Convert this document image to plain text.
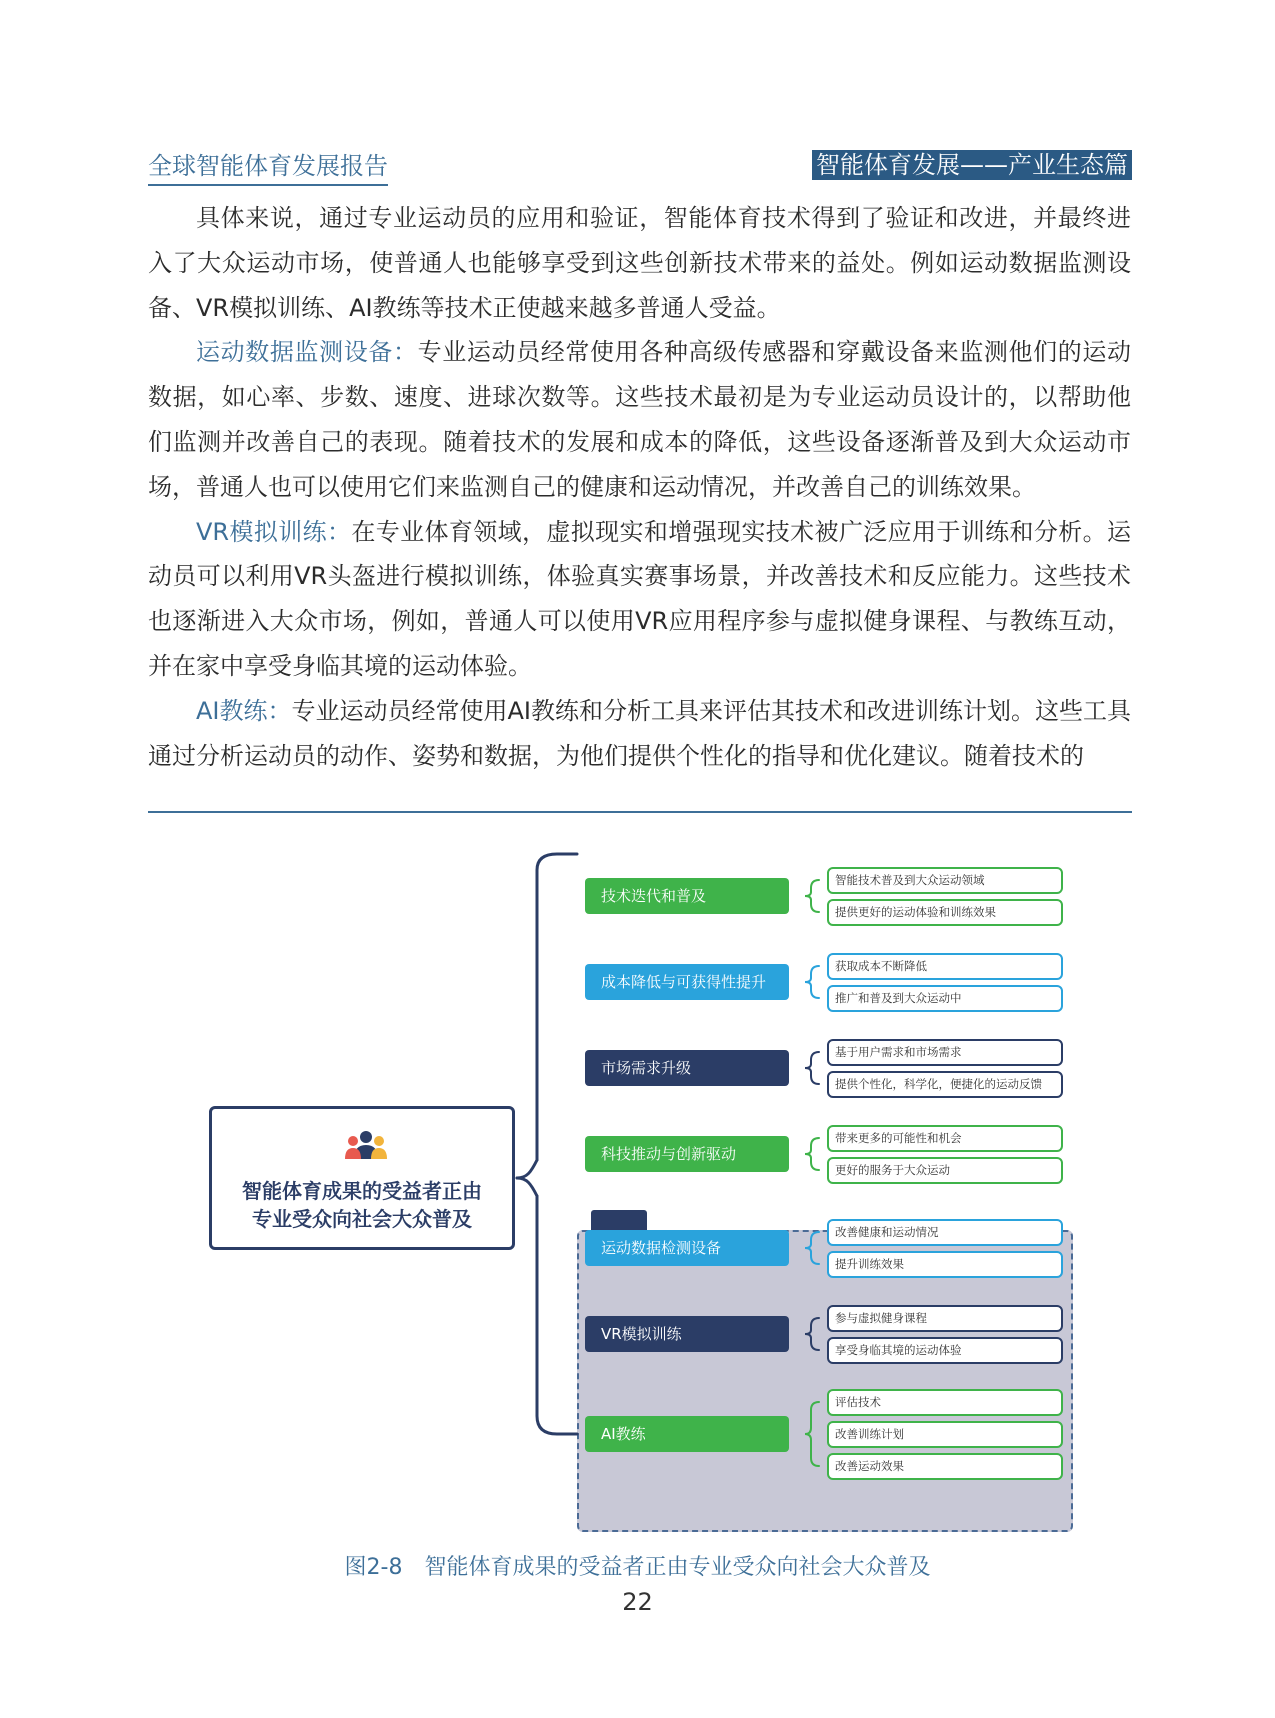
全球智能体育发展报告	智能体育发展——产业生态篇

具体来说，通过专业运动员的应用和验证，智能体育技术得到了验证和改进，并最终进入了大众运动市场，使普通人也能够享受到这些创新技术带来的益处。例如运动数据监测设备、VR模拟训练、AI教练等技术正使越来越多普通人受益。

运动数据监测设备：专业运动员经常使用各种高级传感器和穿戴设备来监测他们的运动数据，如心率、步数、速度、进球次数等。这些技术最初是为专业运动员设计的，以帮助他们监测并改善自己的表现。随着技术的发展和成本的降低，这些设备逐渐普及到大众运动市场，普通人也可以使用它们来监测自己的健康和运动情况，并改善自己的训练效果。

VR模拟训练：在专业体育领域，虚拟现实和增强现实技术被广泛应用于训练和分析。运动员可以利用VR头盔进行模拟训练，体验真实赛事场景，并改善技术和反应能力。这些技术也逐渐进入大众市场，例如，普通人可以使用VR应用程序参与虚拟健身课程、与教练互动，并在家中享受身临其境的运动体验。

AI教练：专业运动员经常使用AI教练和分析工具来评估其技术和改进训练计划。这些工具通过分析运动员的动作、姿势和数据，为他们提供个性化的指导和优化建议。随着技术的

智能体育成果的受益者正由
专业受众向社会大众普及
技术迭代和普及
智能技术普及到大众运动领域
提供更好的运动体验和训练效果
成本降低与可获得性提升
获取成本不断降低
推广和普及到大众运动中
市场需求升级
基于用户需求和市场需求
提供个性化，科学化，便捷化的运动反馈
科技推动与创新驱动
带来更多的可能性和机会
更好的服务于大众运动
运动数据检测设备
改善健康和运动情况
提升训练效果
VR模拟训练
参与虚拟健身课程
享受身临其境的运动体验
AI教练
评估技术
改善训练计划
改善运动效果
图2-8　智能体育成果的受益者正由专业受众向社会大众普及
22
